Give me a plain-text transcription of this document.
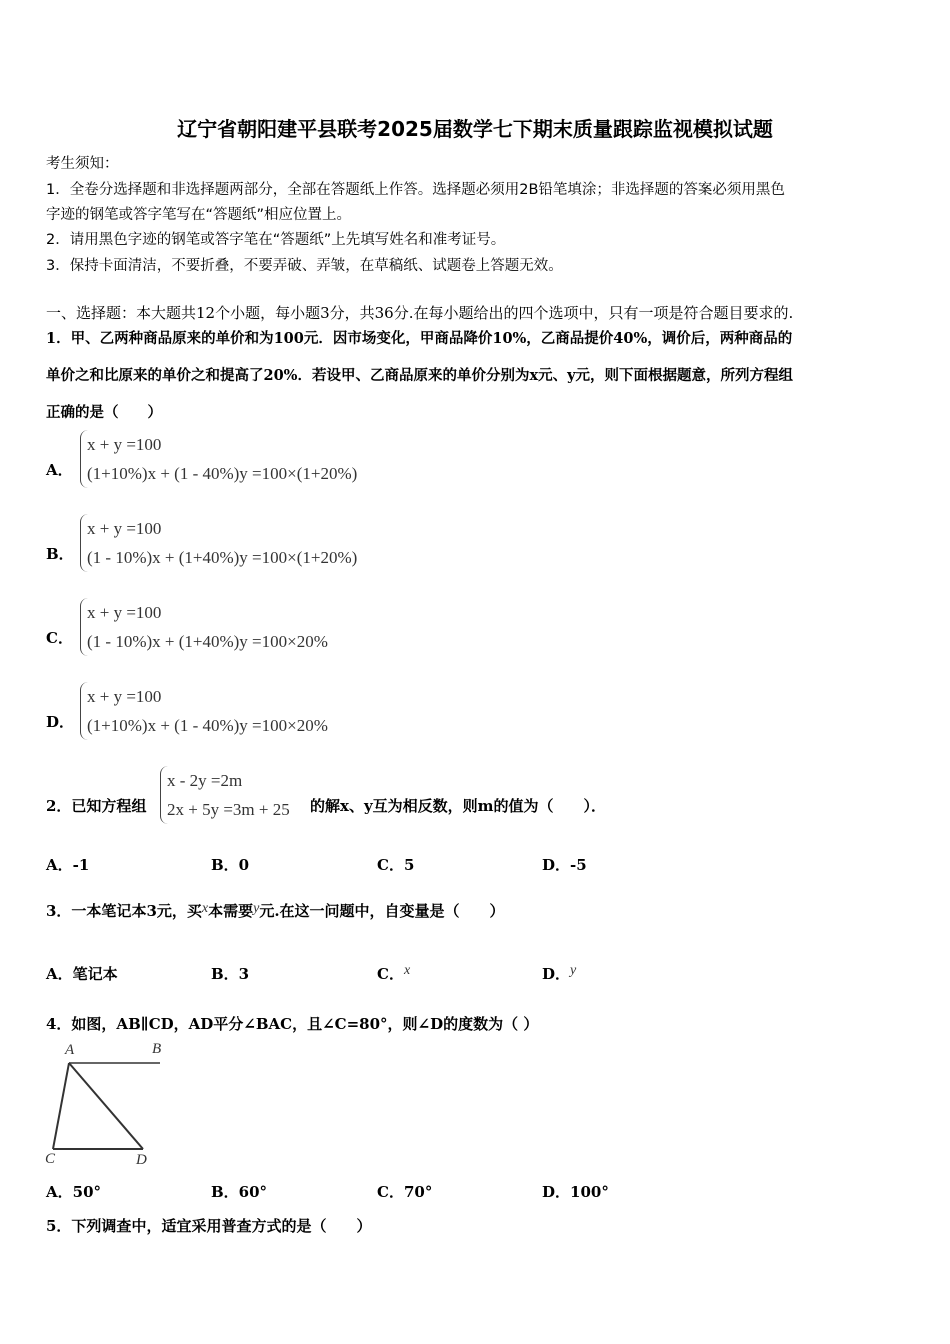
辽宁省朝阳建平县联考2025届数学七下期末质量跟踪监视模拟试题
考生须知：
1．全卷分选择题和非选择题两部分，全部在答题纸上作答。选择题必须用2B铅笔填涂；非选择题的答案必须用黑色
字迹的钢笔或答字笔写在“答题纸”相应位置上。
2．请用黑色字迹的钢笔或答字笔在“答题纸”上先填写姓名和准考证号。
3．保持卡面清洁，不要折叠，不要弄破、弄皱，在草稿纸、试题卷上答题无效。
一、选择题：本大题共12个小题，每小题3分，共36分.在每小题给出的四个选项中，只有一项是符合题目要求的.
1．甲、乙两种商品原来的单价和为100元．因市场变化，甲商品降价10%，乙商品提价40%，调价后，两种商品的
单价之和比原来的单价之和提高了20%．若设甲、乙商品原来的单价分别为x元、y元，则下面根据题意，所列方程组
正确的是（　　）
A．
x + y =100
(1+10%)x + (1 - 40%)y =100×(1+20%)
B．
x + y =100
(1 - 10%)x + (1+40%)y =100×(1+20%)
C．
x + y =100
(1 - 10%)x + (1+40%)y =100×20%
D．
x + y =100
(1+10%)x + (1 - 40%)y =100×20%
2．已知方程组
x - 2y =2m
2x + 5y =3m + 25 的解x、y互为相反数，则m的值为（　　）．
A．-1	B．0	C．5	D．-5
3．一本笔记本3元，买x本需要y元.在这一问题中，自变量是（　　）
A．笔记本	B．3	C．x	D．y
4．如图，AB∥CD，AD平分∠BAC，且∠C=80°，则∠D的度数为（ ）
A	B
C	D
A．50°	B．60°	C．70°	D．100°
5．下列调查中，适宜采用普查方式的是（　　）
